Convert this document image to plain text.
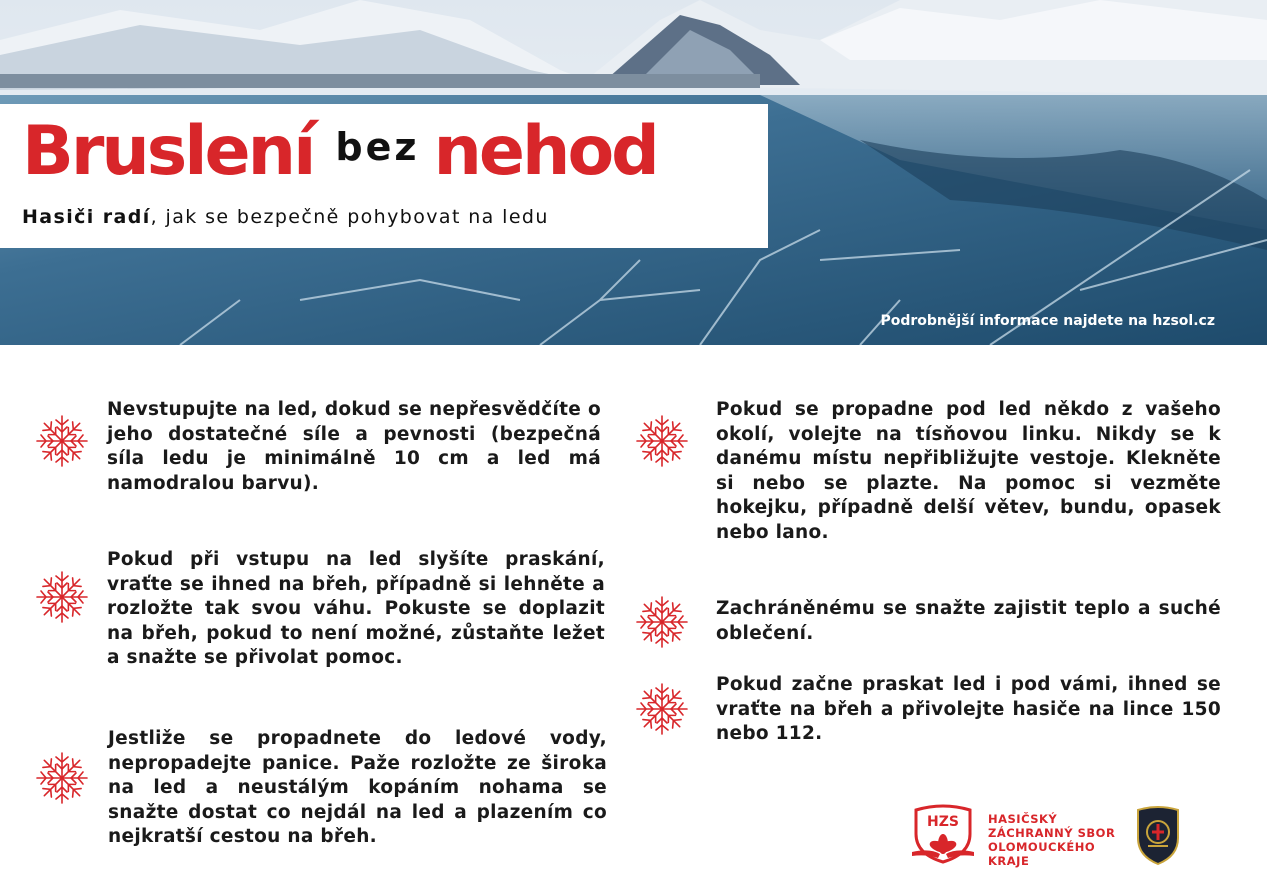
Bruslení bez nehod
Hasiči radí, jak se bezpečně pohybovat na ledu
Podrobnější informace najdete na hzsol.cz

Nevstupujte na led, dokud se nepřesvědčíte o jeho dostatečné síle a pevnosti (bezpečná síla ledu je minimálně 10 cm a led má namodralou barvu).

Pokud při vstupu na led slyšíte praskání, vraťte se ihned na břeh, případně si lehněte a rozložte tak svou váhu. Pokuste se doplazit na břeh, pokud to není možné, zůstaňte ležet a snažte se přivolat pomoc.

Jestliže se propadnete do ledové vody, nepropadejte panice. Paže rozložte ze široka na led a neustálým kopáním nohama se snažte dostat co nejdál na led a plazením co nejkratší cestou na břeh.

Pokud se propadne pod led někdo z vašeho okolí, volejte na tísňovou linku. Nikdy se k danému místu nepřibližujte vestoje. Klekněte si nebo se plazte. Na pomoc si vezměte hokejku, případně delší větev, bundu, opasek nebo lano.

Zachráněnému se snažte zajistit teplo a suché oblečení.

Pokud začne praskat led i pod vámi, ihned se vraťte na břeh a přivolejte hasiče na lince 150 nebo 112.

HZS	HASIČSKÝ
ZÁCHRANNÝ SBOR
OLOMOUCKÉHO
KRAJE
